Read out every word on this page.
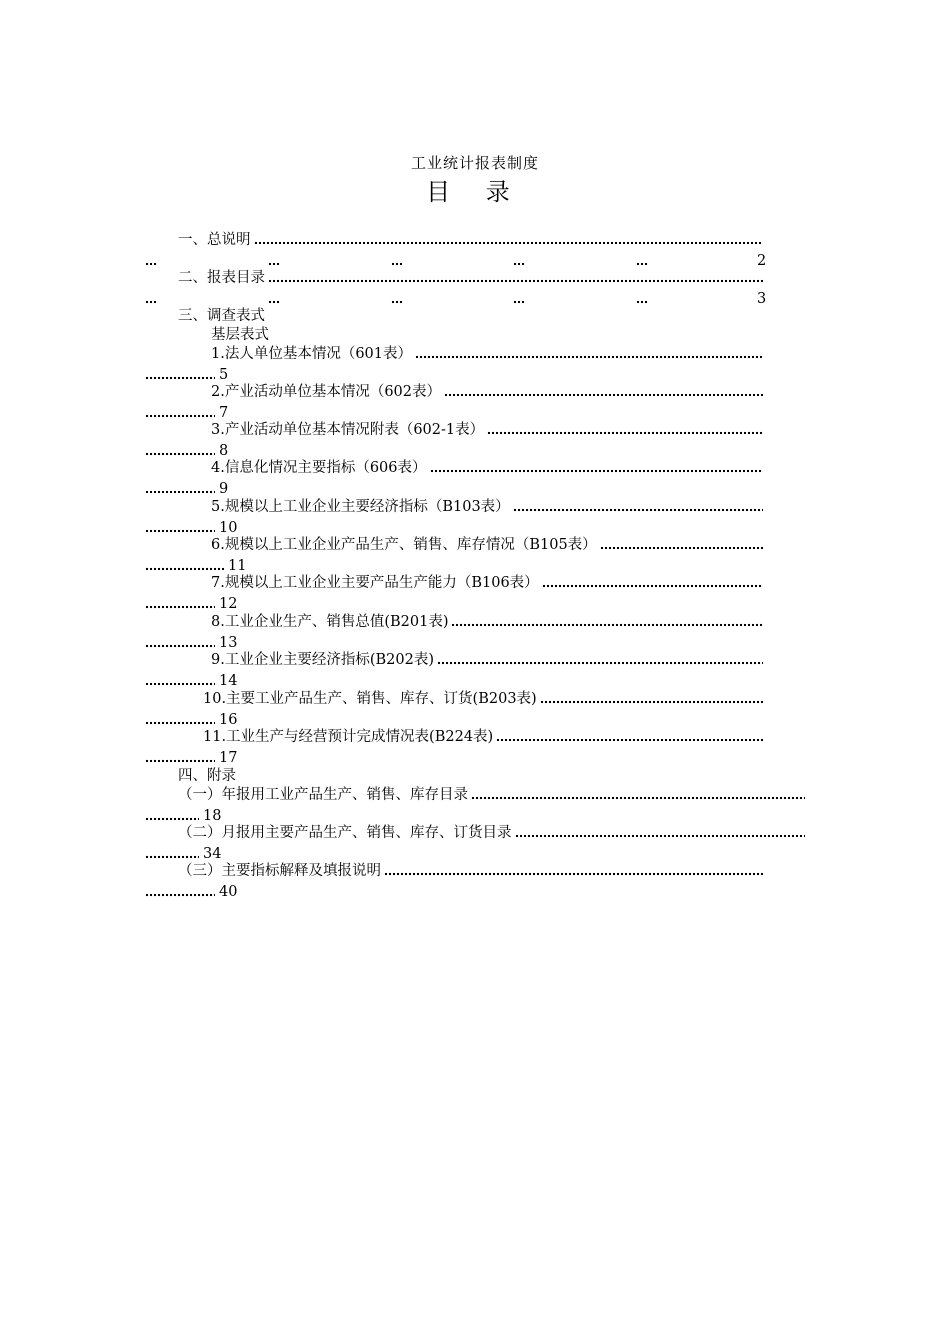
工业统计报表制度
目 录
一、总说明
2
二、报表目录
3
三、调查表式
基层表式
1.法人单位基本情况（601表）
5
2.产业活动单位基本情况（602表）
7
3.产业活动单位基本情况附表（602-1表）
8
4.信息化情况主要指标（606表）
9
5.规模以上工业企业主要经济指标（B103表）
10
6.规模以上工业企业产品生产、销售、库存情况（B105表）
11
7.规模以上工业企业主要产品生产能力（B106表）
12
8.工业企业生产、销售总值(B201表)
13
9.工业企业主要经济指标(B202表)
14
10.主要工业产品生产、销售、库存、订货(B203表)
16
11.工业生产与经营预计完成情况表(B224表)
17
四、附录
（一）年报用工业产品生产、销售、库存目录
18
（二）月报用主要产品生产、销售、库存、订货目录
34
（三）主要指标解释及填报说明
40
